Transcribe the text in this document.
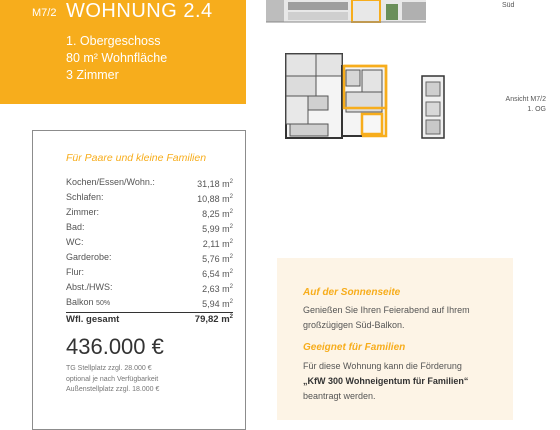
M7/2 WOHNUNG 2.4
1. Obergeschoss
80 m² Wohnfläche
3 Zimmer
Süd
Ansicht M7/2
1. OG
Für Paare und kleine Familien
Kochen/Essen/Wohn.:	31,18 $m^2$
Schlafen:	10,88 $m^2$
Zimmer:	8,25 $m^2$
Bad:	5,99 $m^2$
WC:	2,11 $m^2$
Garderobe:	5,76 $m^2$
Flur:	6,54 $m^2$
Abst./HWS:	2,63 $m^2$
Balkon 50%	5,94 $m^2$
Wfl. gesamt	79,82 $m^2$
436.000 €
TG Stellplatz zzgl. 28.000 €
optional je nach Verfügbarkeit
Außenstellplatz zzgl. 18.000 €
Auf der Sonnenseite
Genießen Sie Ihren Feierabend auf Ihrem
großzügigen Süd-Balkon.
Geeignet für Familien
Für diese Wohnung kann die Förderung
„KfW 300 Wohneigentum für Familien“
beantragt werden.
